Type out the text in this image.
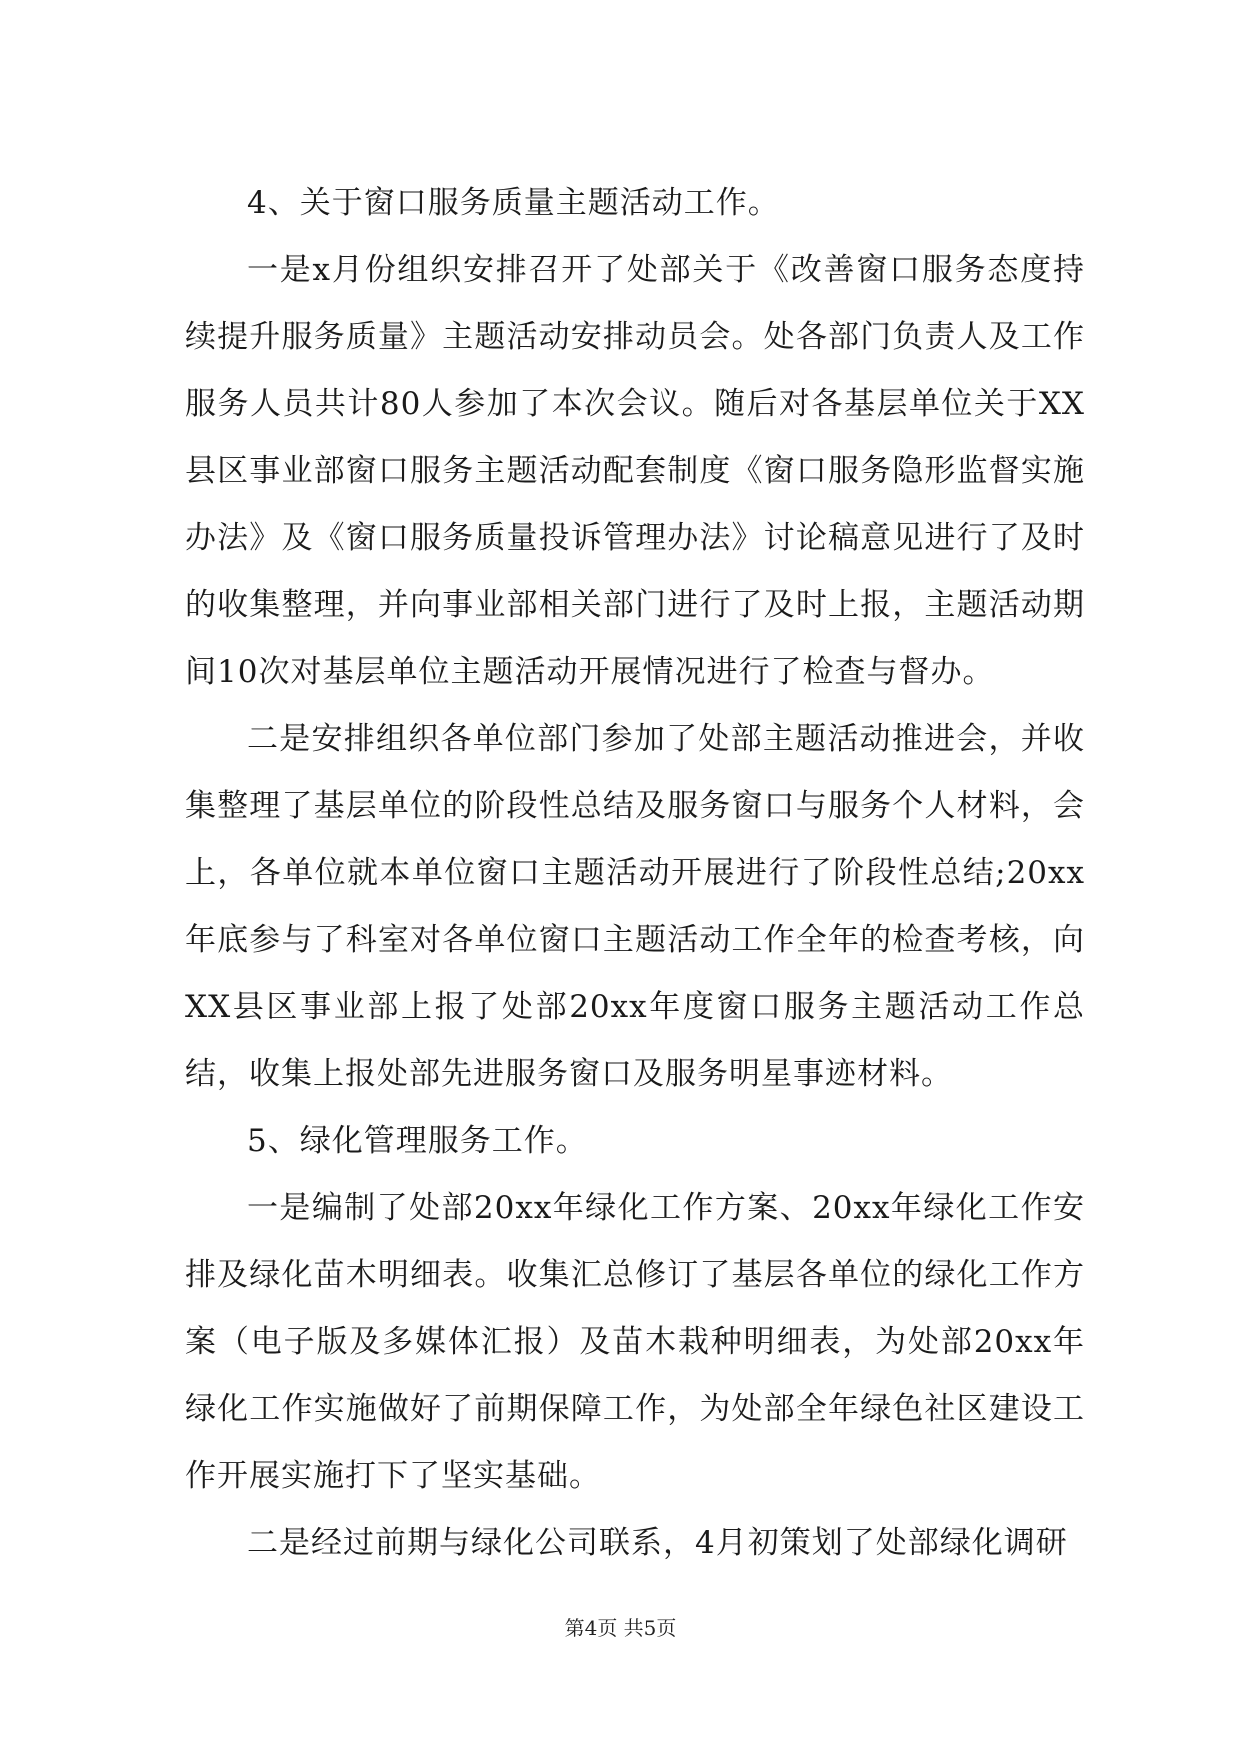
4、关于窗口服务质量主题活动工作。

一是x月份组织安排召开了处部关于《改善窗口服务态度持续提升服务质量》主题活动安排动员会。处各部门负责人及工作服务人员共计80人参加了本次会议。随后对各基层单位关于XX县区事业部窗口服务主题活动配套制度《窗口服务隐形监督实施办法》及《窗口服务质量投诉管理办法》讨论稿意见进行了及时的收集整理，并向事业部相关部门进行了及时上报，主题活动期间10次对基层单位主题活动开展情况进行了检查与督办。

二是安排组织各单位部门参加了处部主题活动推进会，并收集整理了基层单位的阶段性总结及服务窗口与服务个人材料，会上，各单位就本单位窗口主题活动开展进行了阶段性总结;20xx年底参与了科室对各单位窗口主题活动工作全年的检查考核，向XX县区事业部上报了处部20xx年度窗口服务主题活动工作总结，收集上报处部先进服务窗口及服务明星事迹材料。

5、绿化管理服务工作。

一是编制了处部20xx年绿化工作方案、20xx年绿化工作安排及绿化苗木明细表。收集汇总修订了基层各单位的绿化工作方案（电子版及多媒体汇报）及苗木栽种明细表，为处部20xx年绿化工作实施做好了前期保障工作，为处部全年绿色社区建设工作开展实施打下了坚实基础。

二是经过前期与绿化公司联系，4月初策划了处部绿化调研

第4页 共5页
